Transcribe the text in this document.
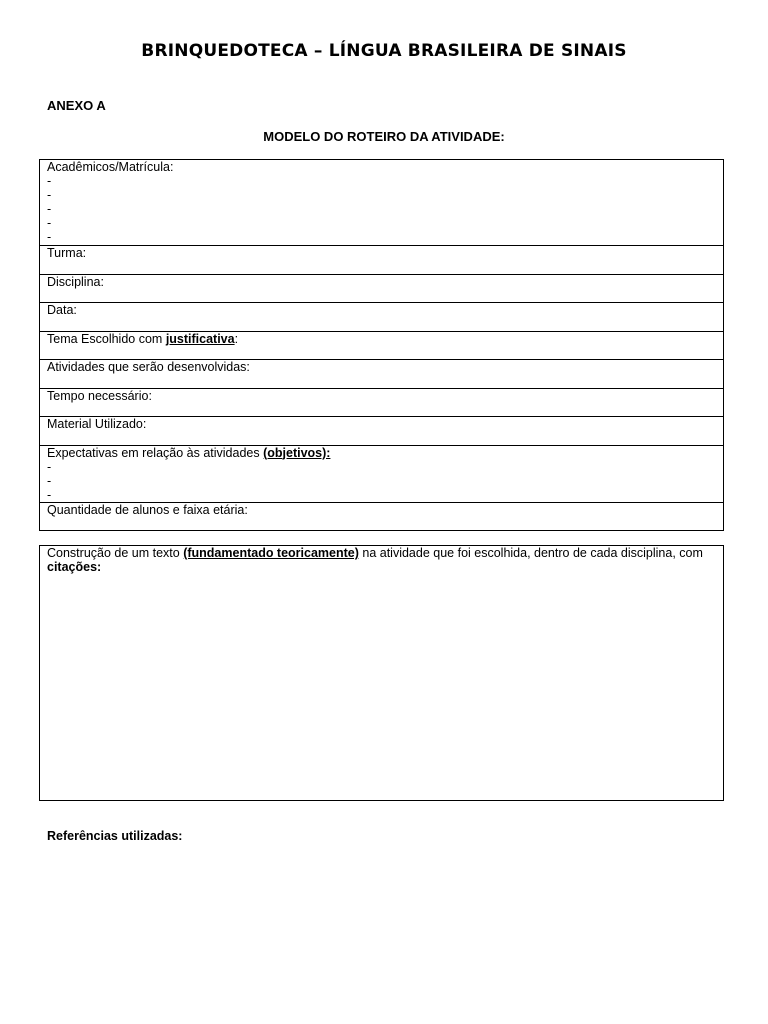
BRINQUEDOTECA – LÍNGUA BRASILEIRA DE SINAIS
ANEXO A
MODELO DO ROTEIRO DA ATIVIDADE:
Acadêmicos/Matrícula:
-
-
-
-
-
Turma:
Disciplina:
Data:
Tema Escolhido com justificativa:
Atividades que serão desenvolvidas:
Tempo necessário:
Material Utilizado:
Expectativas em relação às atividades (objetivos):
-
-
-
Quantidade de alunos e faixa etária:
Construção de um texto (fundamentado teoricamente) na atividade que foi escolhida, dentro de cada disciplina, com citações:
Referências utilizadas:
